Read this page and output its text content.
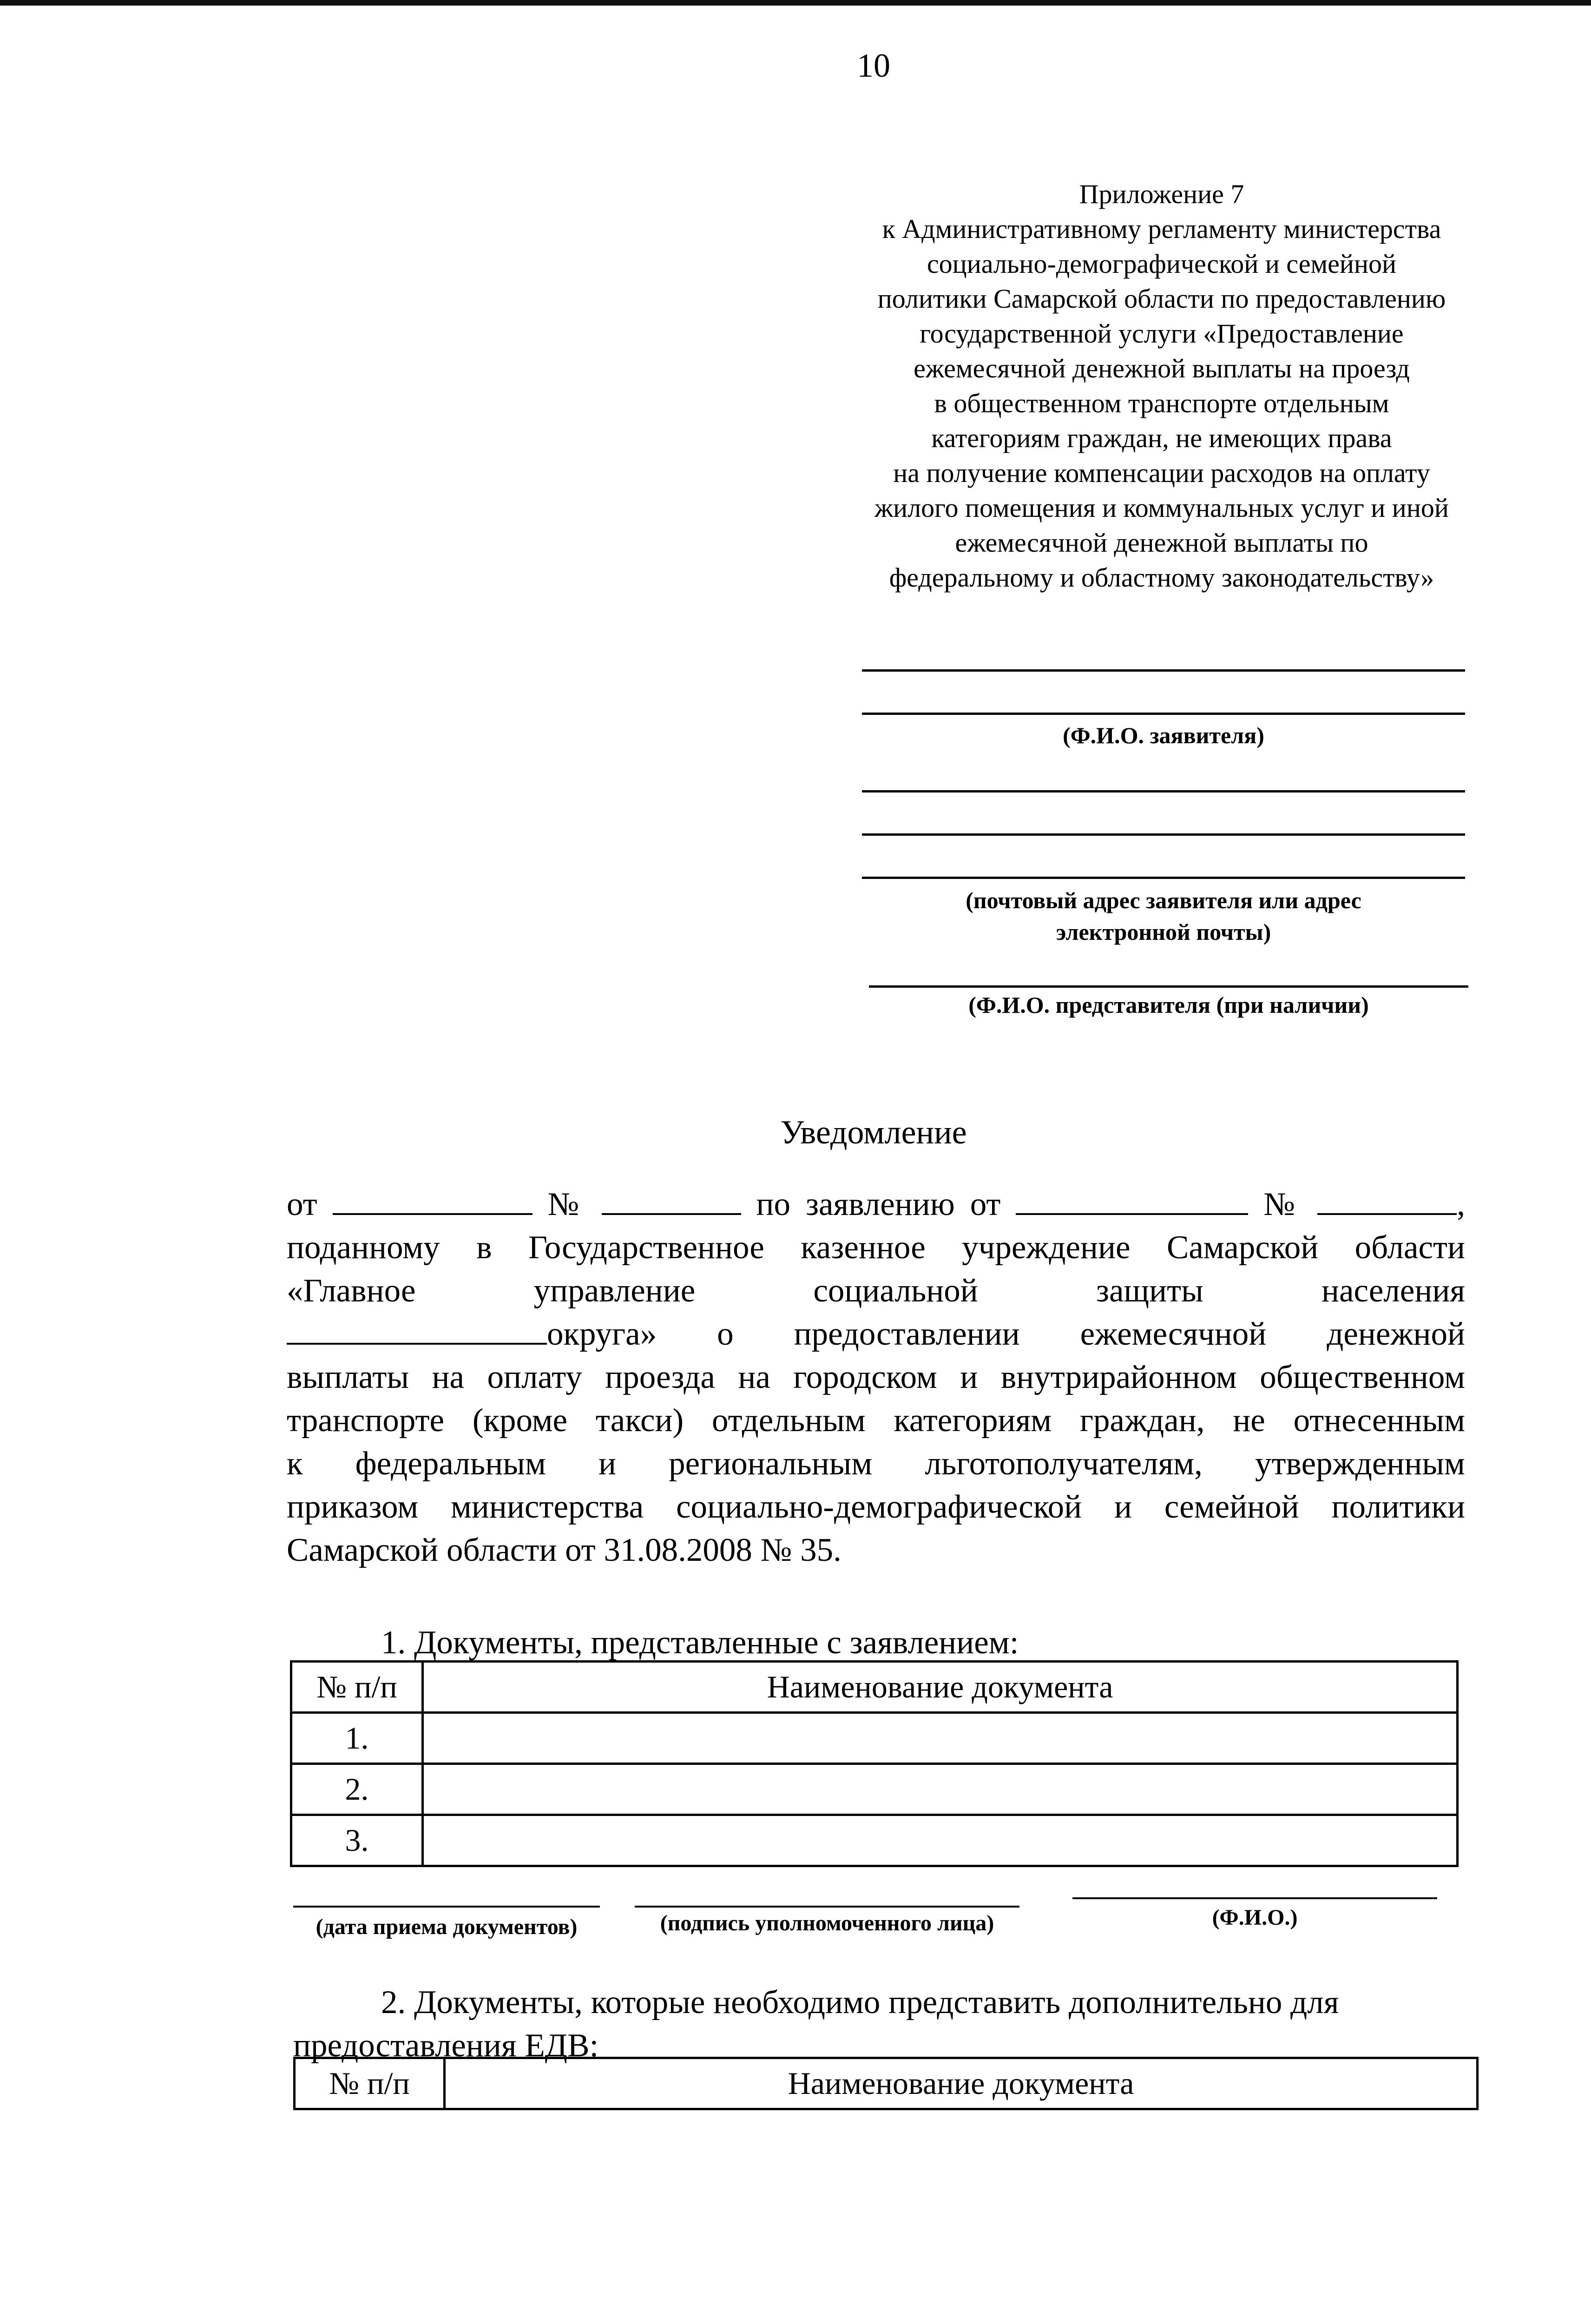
10
Приложение 7
к Административному регламенту министерства
социально-демографической и семейной
политики Самарской области по предоставлению
государственной услуги «Предоставление
ежемесячной денежной выплаты на проезд
в общественном транспорте отдельным
категориям граждан, не имеющих права
на получение компенсации расходов на оплату
жилого помещения и коммунальных услуг и иной
ежемесячной денежной выплаты по
федеральному и областному законодательству»
(Ф.И.О. заявителя)
(почтовый адрес заявителя или адрес
электронной почты)
(Ф.И.О. представителя (при наличии)
Уведомление
от	№	по заявлению от	№	,
поданному в Государственное казенное учреждение Самарской области
«Главное управление социальной защиты населения
округа» о предоставлении ежемесячной денежной
выплаты на оплату проезда на городском и внутрирайонном общественном
транспорте (кроме такси) отдельным категориям граждан, не отнесенным
к федеральным и региональным льготополучателям, утвержденным
приказом министерства социально-демографической и семейной политики
Самарской области от 31.08.2008 № 35.
1. Документы, представленные с заявлением:
№ п/п	Наименование документа
1.	
2.	
3.	
(дата приема документов)	(подпись уполномоченного лица)	(Ф.И.О.)
2. Документы, которые необходимо представить дополнительно для
предоставления ЕДВ:
№ п/п	Наименование документа
